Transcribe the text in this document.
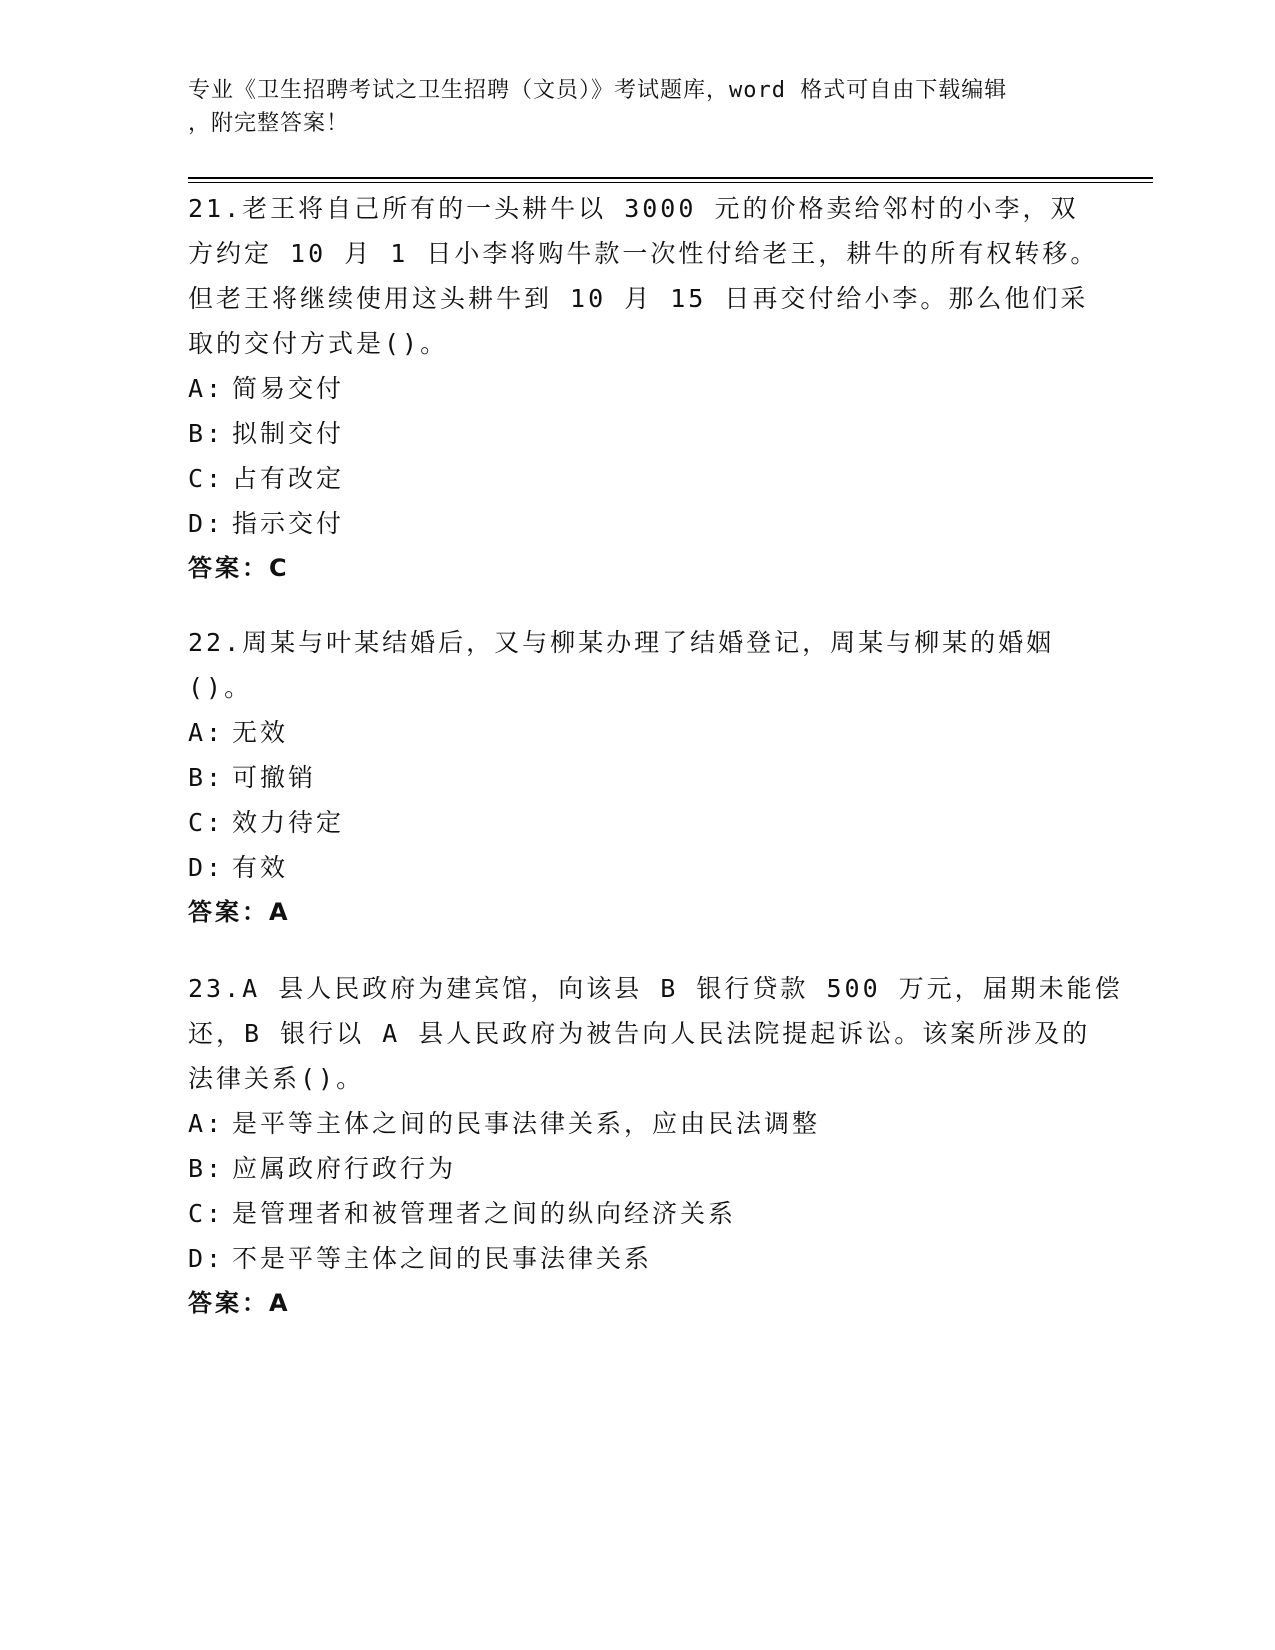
专业《卫生招聘考试之卫生招聘（文员）》考试题库，word 格式可自由下载编辑
，附完整答案！
21.老王将自己所有的一头耕牛以 3000 元的价格卖给邻村的小李，双
方约定 10 月 1 日小李将购牛款一次性付给老王，耕牛的所有权转移。
但老王将继续使用这头耕牛到 10 月 15 日再交付给小李。那么他们采
取的交付方式是()。
A: 简易交付
B: 拟制交付
C: 占有改定
D: 指示交付
答案：C
22.周某与叶某结婚后，又与柳某办理了结婚登记，周某与柳某的婚姻
()。
A: 无效
B: 可撤销
C: 效力待定
D: 有效
答案：A
23.A 县人民政府为建宾馆，向该县 B 银行贷款 500 万元，届期未能偿
还，B 银行以 A 县人民政府为被告向人民法院提起诉讼。该案所涉及的
法律关系()。
A: 是平等主体之间的民事法律关系，应由民法调整
B: 应属政府行政行为
C: 是管理者和被管理者之间的纵向经济关系
D: 不是平等主体之间的民事法律关系
答案：A
